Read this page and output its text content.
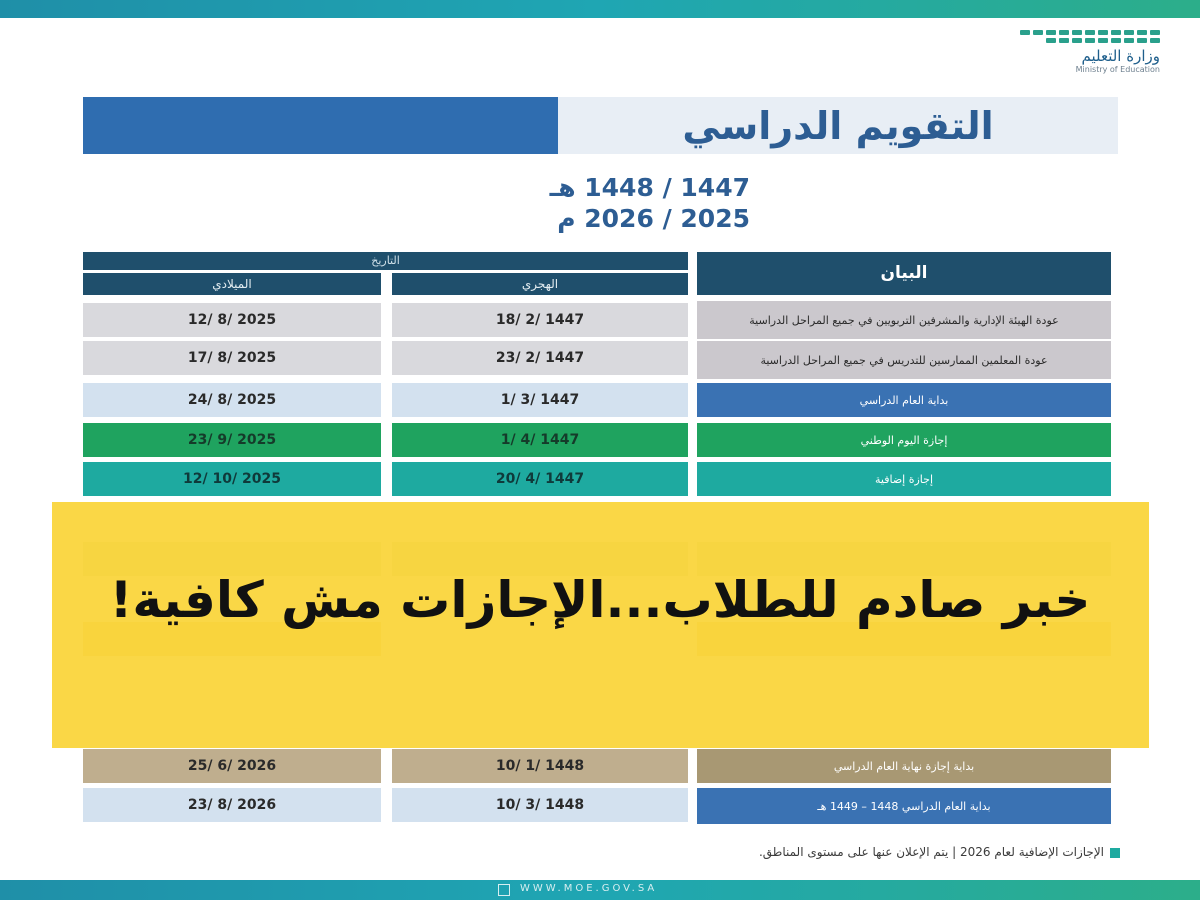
وزارة التعليم
Ministry of Education
التقويم الدراسي
1447 / 1448 هـ
2025 / 2026 م
التاريخ
الميلادي	الهجري
البيان
12/ 8/ 2025	18/ 2/ 1447	عودة الهيئة الإدارية والمشرفين التربويين في جميع المراحل الدراسية
17/ 8/ 2025	23/ 2/ 1447	عودة المعلمين الممارسين للتدريس في جميع المراحل الدراسية
24/ 8/ 2025	1/ 3/ 1447	بداية العام الدراسي
23/ 9/ 2025	1/ 4/ 1447	إجازة اليوم الوطني
12/ 10/ 2025	20/ 4/ 1447	إجازة إضافية
خبر صادم للطلاب...الإجازات مش كافية!
25/ 6/ 2026	10/ 1/ 1448	بداية إجازة نهاية العام الدراسي
23/ 8/ 2026	10/ 3/ 1448	بداية العام الدراسي 1448 – 1449 هـ
الإجازات الإضافية لعام 2026 | يتم الإعلان عنها على مستوى المناطق.
WWW.MOE.GOV.SA
